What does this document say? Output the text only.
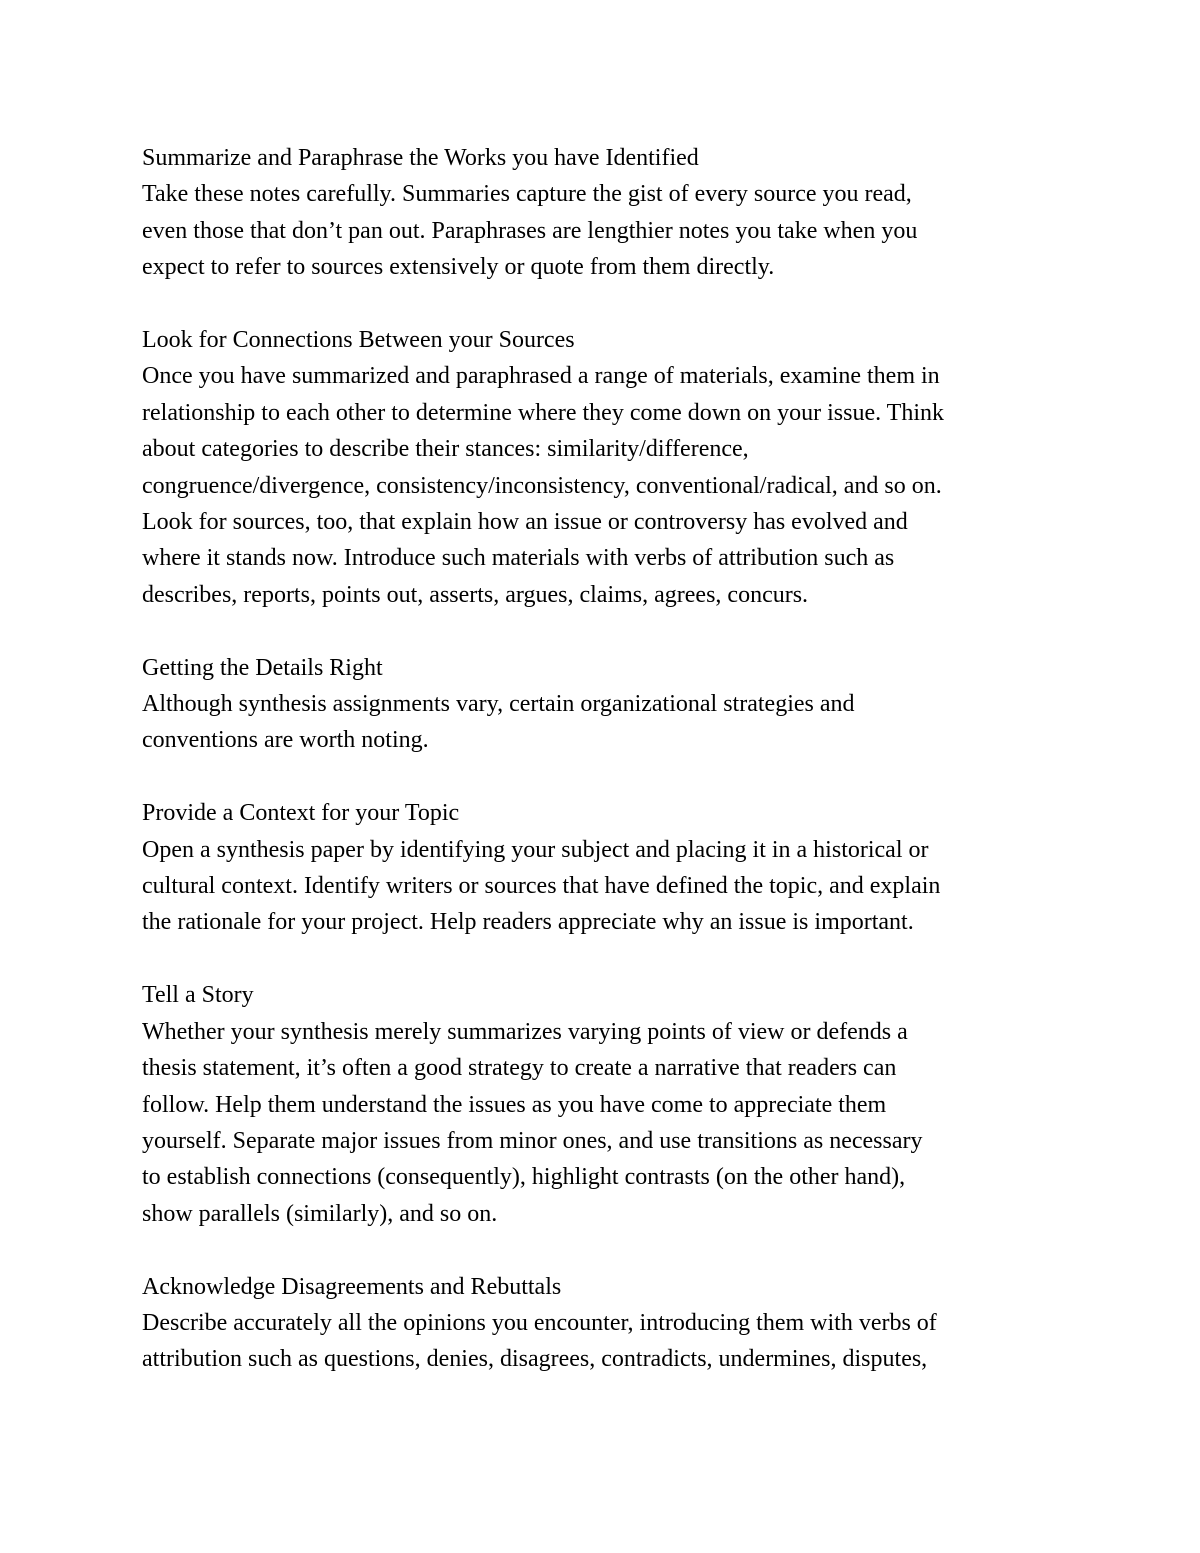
Summarize and Paraphrase the Works you have Identified
Take these notes carefully. Summaries capture the gist of every source you read,
even those that don’t pan out. Paraphrases are lengthier notes you take when you
expect to refer to sources extensively or quote from them directly.
Look for Connections Between your Sources
Once you have summarized and paraphrased a range of materials, examine them in
relationship to each other to determine where they come down on your issue. Think
about categories to describe their stances: similarity/difference,
congruence/divergence, consistency/inconsistency, conventional/radical, and so on.
Look for sources, too, that explain how an issue or controversy has evolved and
where it stands now. Introduce such materials with verbs of attribution such as
describes, reports, points out, asserts, argues, claims, agrees, concurs.
Getting the Details Right
Although synthesis assignments vary, certain organizational strategies and
conventions are worth noting.
Provide a Context for your Topic
Open a synthesis paper by identifying your subject and placing it in a historical or
cultural context. Identify writers or sources that have defined the topic, and explain
the rationale for your project. Help readers appreciate why an issue is important.
Tell a Story
Whether your synthesis merely summarizes varying points of view or defends a
thesis statement, it’s often a good strategy to create a narrative that readers can
follow. Help them understand the issues as you have come to appreciate them
yourself. Separate major issues from minor ones, and use transitions as necessary
to establish connections (consequently), highlight contrasts (on the other hand),
show parallels (similarly), and so on.
Acknowledge Disagreements and Rebuttals
Describe accurately all the opinions you encounter, introducing them with verbs of
attribution such as questions, denies, disagrees, contradicts, undermines, disputes,
